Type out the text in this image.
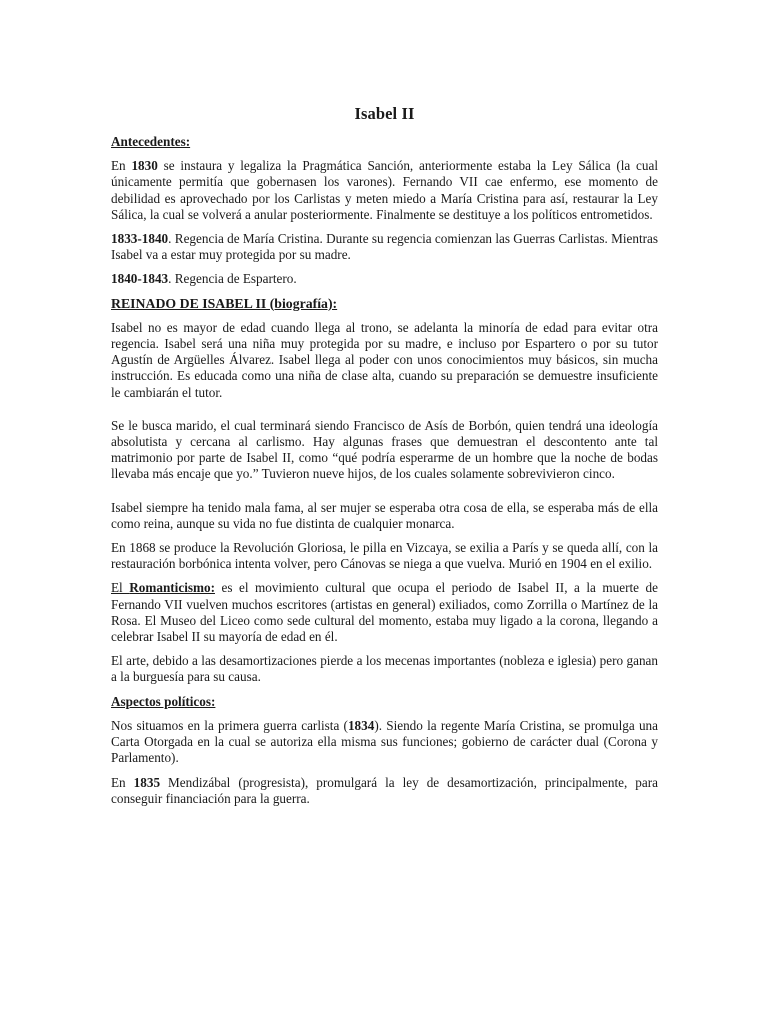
Isabel II

Antecedentes:

En 1830 se instaura y legaliza la Pragmática Sanción, anteriormente estaba la Ley Sálica (la cual únicamente permitía que gobernasen los varones). Fernando VII cae enfermo, ese momento de debilidad es aprovechado por los Carlistas y meten miedo a María Cristina para así, restaurar la Ley Sálica, la cual se volverá a anular posteriormente. Finalmente se destituye a los políticos entrometidos.

1833-1840. Regencia de María Cristina. Durante su regencia comienzan las Guerras Carlistas. Mientras Isabel va a estar muy protegida por su madre.

1840-1843. Regencia de Espartero.

REINADO DE ISABEL II (biografía):

Isabel no es mayor de edad cuando llega al trono, se adelanta la minoría de edad para evitar otra regencia. Isabel será una niña muy protegida por su madre, e incluso por Espartero o por su tutor Agustín de Argüelles Álvarez. Isabel llega al poder con unos conocimientos muy básicos, sin mucha instrucción. Es educada como una niña de clase alta, cuando su preparación se demuestre insuficiente le cambiarán el tutor.

Se le busca marido, el cual terminará siendo Francisco de Asís de Borbón, quien tendrá una ideología absolutista y cercana al carlismo. Hay algunas frases que demuestran el descontento ante tal matrimonio por parte de Isabel II, como “qué podría esperarme de un hombre que la noche de bodas llevaba más encaje que yo.” Tuvieron nueve hijos, de los cuales solamente sobrevivieron cinco.

Isabel siempre ha tenido mala fama, al ser mujer se esperaba otra cosa de ella, se esperaba más de ella como reina, aunque su vida no fue distinta de cualquier monarca.

En 1868 se produce la Revolución Gloriosa, le pilla en Vizcaya, se exilia a París y se queda allí, con la restauración borbónica intenta volver, pero Cánovas se niega a que vuelva. Murió en 1904 en el exilio.

El Romanticismo: es el movimiento cultural que ocupa el periodo de Isabel II, a la muerte de Fernando VII vuelven muchos escritores (artistas en general) exiliados, como Zorrilla o Martínez de la Rosa. El Museo del Liceo como sede cultural del momento, estaba muy ligado a la corona, llegando a celebrar Isabel II su mayoría de edad en él.

El arte, debido a las desamortizaciones pierde a los mecenas importantes (nobleza e iglesia) pero ganan a la burguesía para su causa.

Aspectos políticos:

Nos situamos en la primera guerra carlista (1834). Siendo la regente María Cristina, se promulga una Carta Otorgada en la cual se autoriza ella misma sus funciones; gobierno de carácter dual (Corona y Parlamento).

En 1835 Mendizábal (progresista), promulgará la ley de desamortización, principalmente, para conseguir financiación para la guerra.
